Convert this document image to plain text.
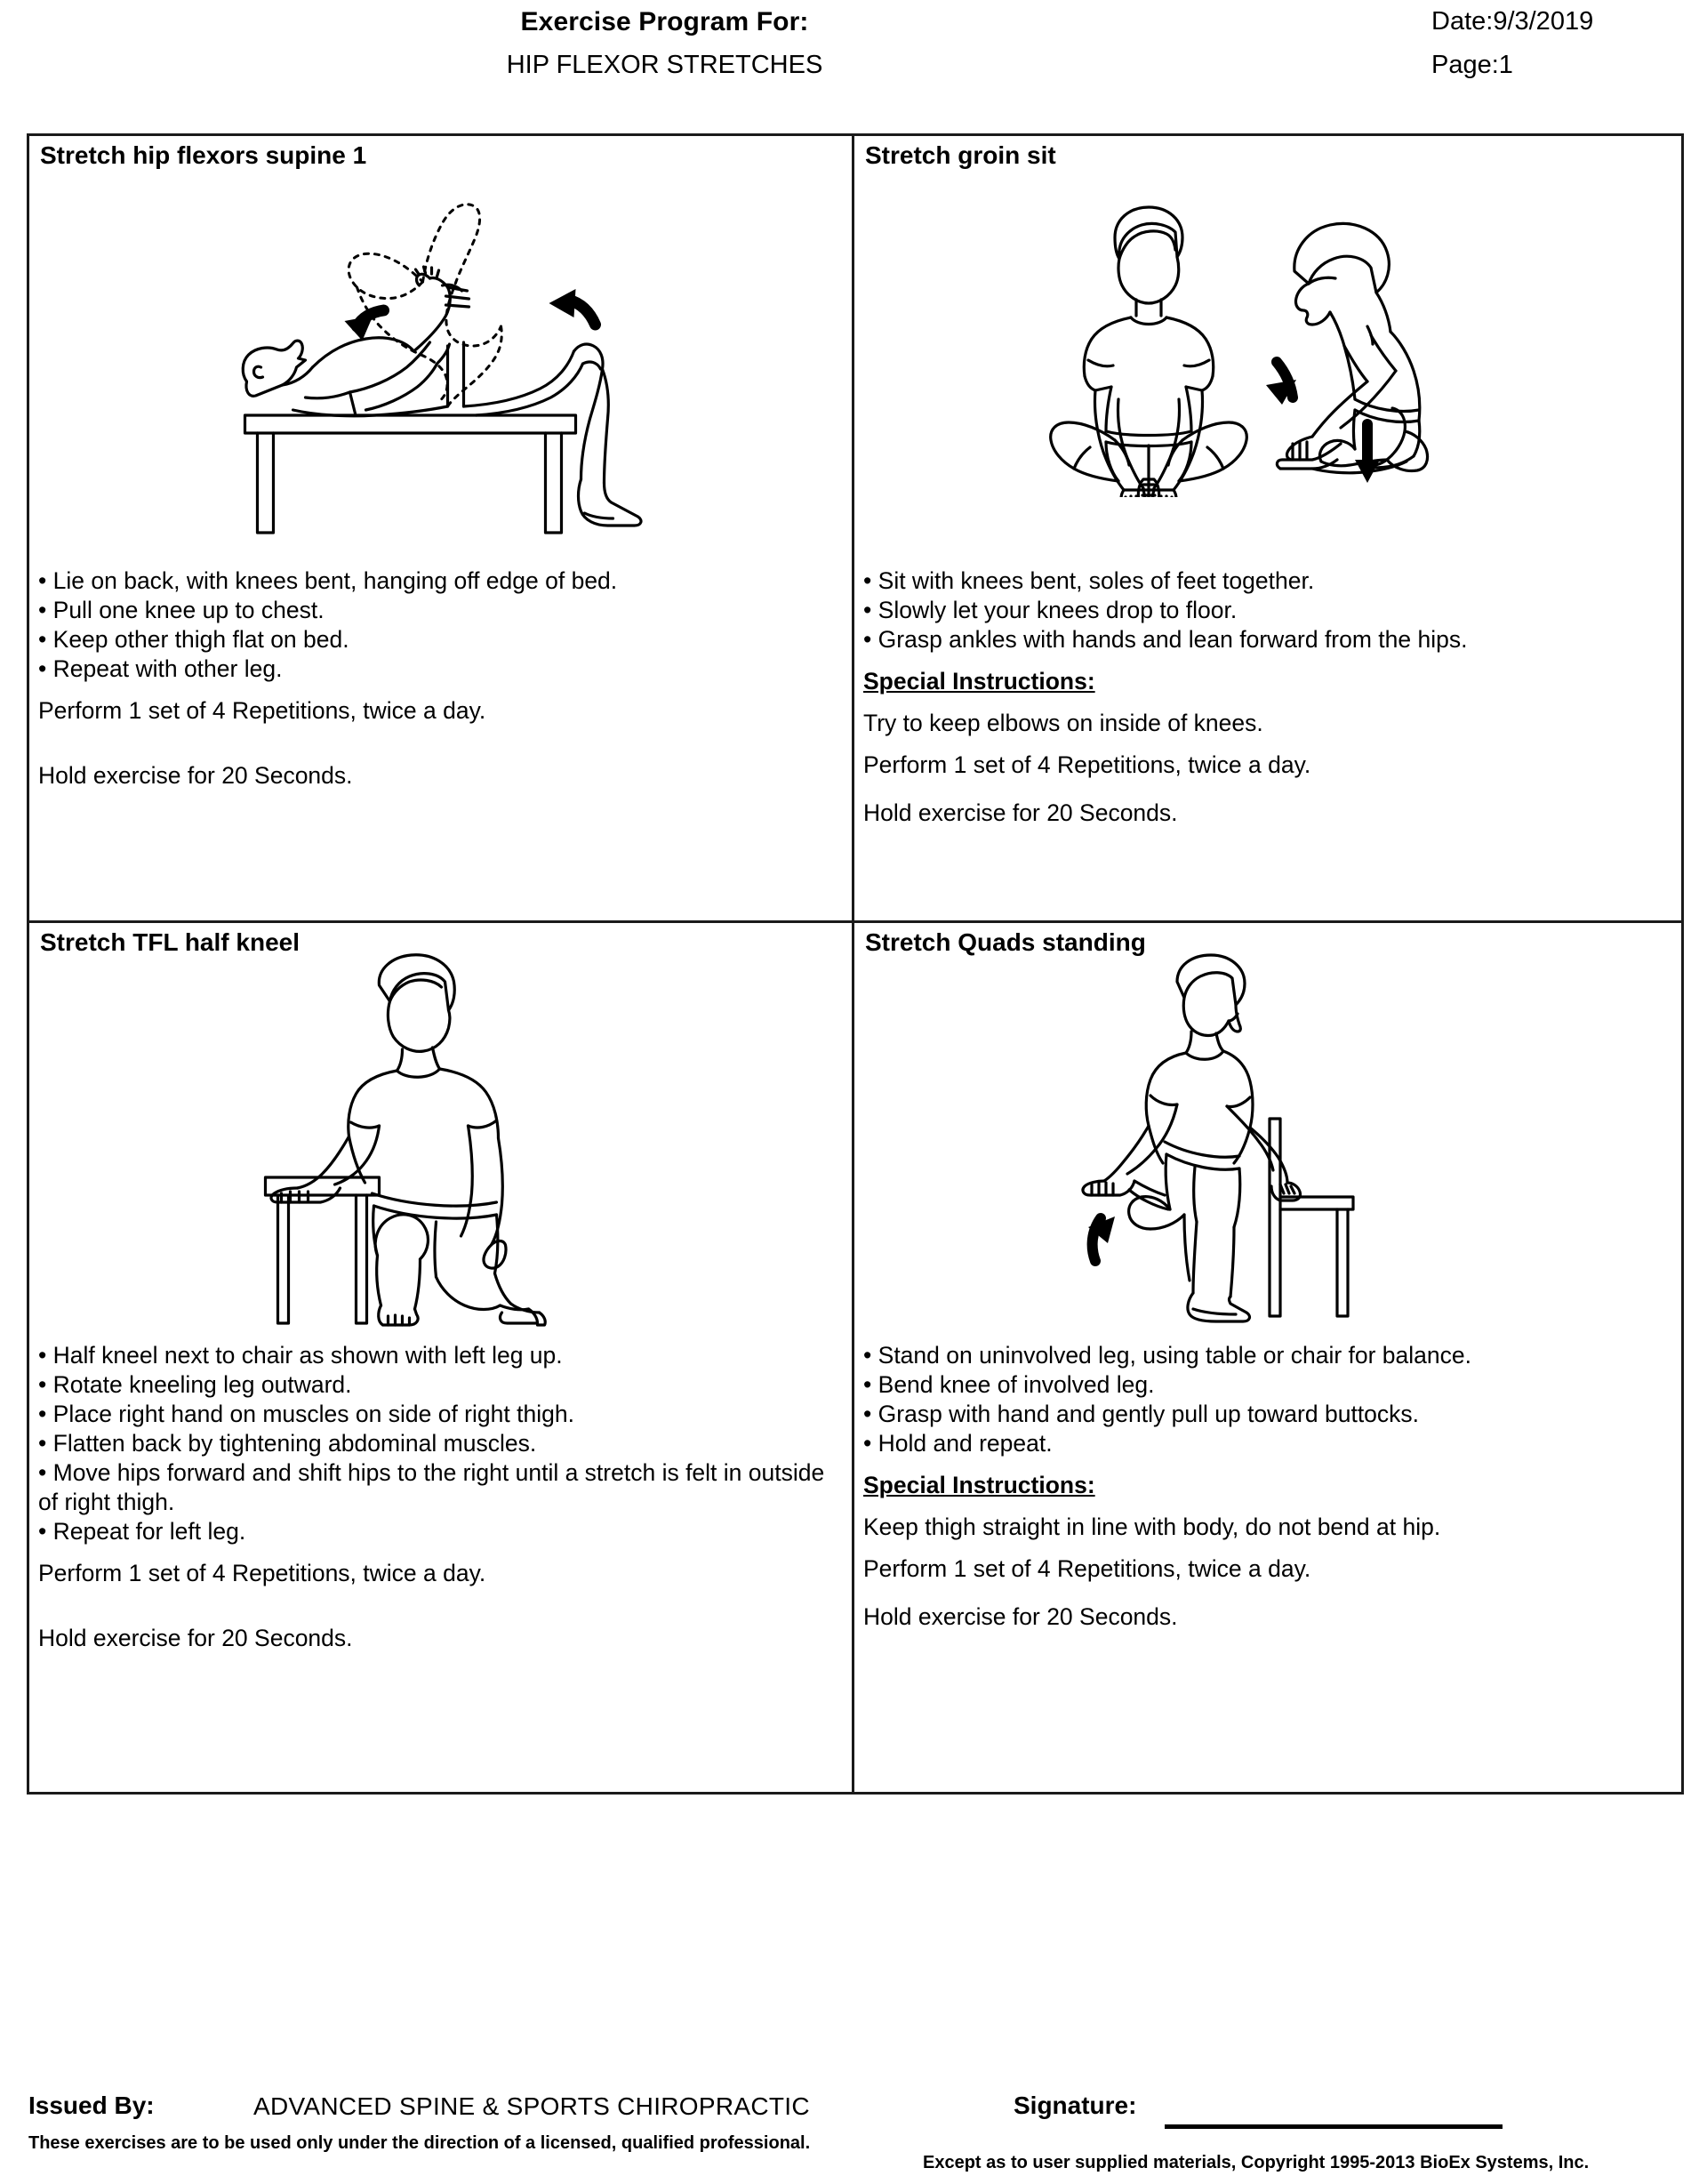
Exercise Program For:
HIP FLEXOR STRETCHES
Date:9/3/2019
Page:1
Stretch hip flexors supine 1

• Lie on back, with knees bent, hanging off edge of bed.

• Pull one knee up to chest.

• Keep other thigh flat on bed.

• Repeat with other leg.

Perform 1 set of 4 Repetitions, twice a day.

Hold exercise for 20 Seconds.

Stretch groin sit

• Sit with knees bent, soles of feet together.

• Slowly let your knees drop to floor.

• Grasp ankles with hands and lean forward from the hips.

Special Instructions:

Try to keep elbows on inside of knees.

Perform 1 set of 4 Repetitions, twice a day.

Hold exercise for 20 Seconds.

Stretch TFL half kneel

• Half kneel next to chair as shown with left leg up.

• Rotate kneeling leg outward.

• Place right hand on muscles on side of right thigh.

• Flatten back by tightening abdominal muscles.

• Move hips forward and shift hips to the right until a stretch is felt in outside of right thigh.

• Repeat for left leg.

Perform 1 set of 4 Repetitions, twice a day.

Hold exercise for 20 Seconds.

Stretch Quads standing

• Stand on uninvolved leg, using table or chair for balance.

• Bend knee of involved leg.

• Grasp with hand and gently pull up toward buttocks.

• Hold and repeat.

Special Instructions:

Keep thigh straight in line with body, do not bend at hip.

Perform 1 set of 4 Repetitions, twice a day.

Hold exercise for 20 Seconds.

Issued By:	ADVANCED SPINE & SPORTS CHIROPRACTIC
These exercises are to be used only under the direction of a licensed, qualified professional.
Signature:
Except as to user supplied materials, Copyright 1995-2013 BioEx Systems, Inc.
